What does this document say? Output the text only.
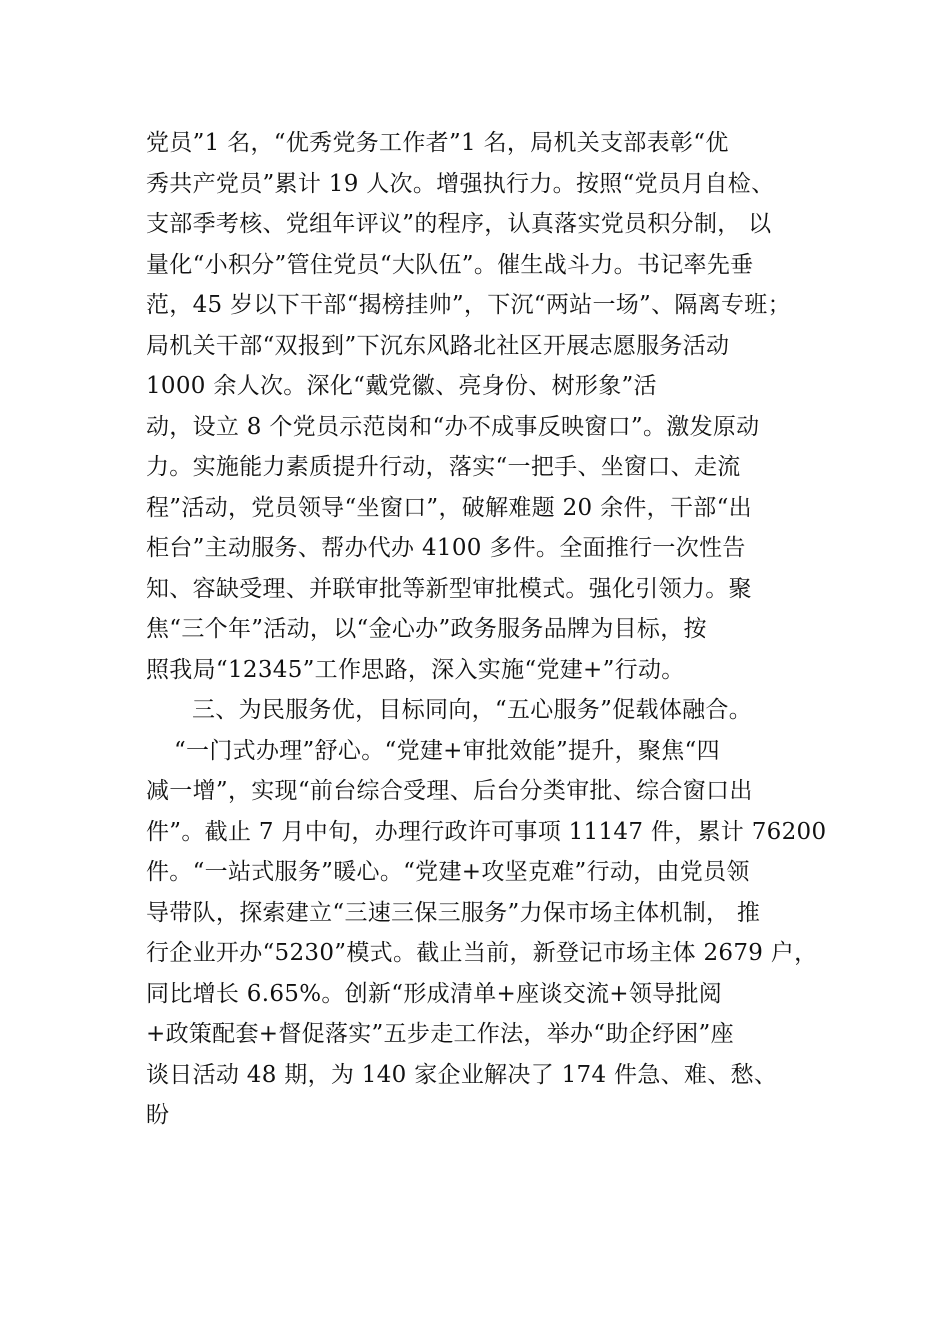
党员”1 名，“优秀党务工作者”1 名，局机关支部表彰“优
秀共产党员”累计 19 人次。增强执行力。按照“党员月自检、
支部季考核、党组年评议”的程序，认真落实党员积分制， 以
量化“小积分”管住党员“大队伍”。催生战斗力。书记率先垂
范，45 岁以下干部“揭榜挂帅”，下沉“两站一场”、隔离专班；
局机关干部“双报到”下沉东风路北社区开展志愿服务活动
1000 余人次。深化“戴党徽、亮身份、树形象”活
动，设立 8 个党员示范岗和“办不成事反映窗口”。激发原动
力。实施能力素质提升行动，落实“一把手、坐窗口、走流
程”活动，党员领导“坐窗口”，破解难题 20 余件，干部“出
柜台”主动服务、帮办代办 4100 多件。全面推行一次性告
知、容缺受理、并联审批等新型审批模式。强化引领力。聚
焦“三个年”活动，以“金心办”政务服务品牌为目标，按
照我局“12345”工作思路，深入实施“党建+”行动。
三、为民服务优，目标同向，“五心服务”促载体融合。
“一门式办理”舒心。“党建+审批效能”提升，聚焦“四
减一增”，实现“前台综合受理、后台分类审批、综合窗口出
件”。截止 7 月中旬，办理行政许可事项 11147 件，累计 76200
件。“一站式服务”暖心。“党建+攻坚克难”行动，由党员领
导带队，探索建立“三速三保三服务”力保市场主体机制， 推
行企业开办“5230”模式。截止当前，新登记市场主体 2679 户，
同比增长 6.65%。创新“形成清单+座谈交流+领导批阅
+政策配套+督促落实”五步走工作法，举办“助企纾困”座
谈日活动 48 期，为 140 家企业解决了 174 件急、难、愁、
盼
